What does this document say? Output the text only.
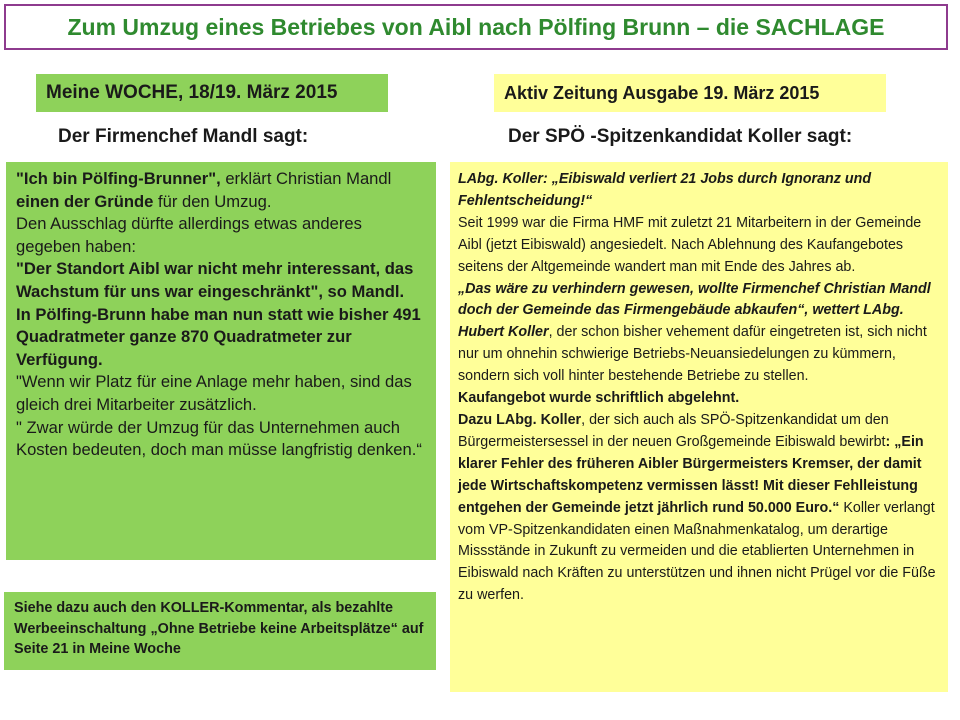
Zum Umzug eines Betriebes von Aibl nach Pölfing Brunn – die SACHLAGE
Meine WOCHE, 18/19. März 2015	Aktiv Zeitung Ausgabe 19. März 2015
Der Firmenchef Mandl sagt:	Der SPÖ -Spitzenkandidat Koller sagt:

"Ich bin Pölfing-Brunner", erklärt Christian Mandl einen der Gründe für den Umzug.

Den Ausschlag dürfte allerdings etwas anderes gegeben haben:

"Der Standort Aibl war nicht mehr interessant, das Wachstum für uns war eingeschränkt", so Mandl.

In Pölfing-Brunn habe man nun statt wie bisher 491 Quadratmeter ganze 870 Quadratmeter zur Verfügung.

"Wenn wir Platz für eine Anlage mehr haben, sind das gleich drei Mitarbeiter zusätzlich.

" Zwar würde der Umzug für das Unternehmen auch Kosten bedeuten, doch man müsse langfristig denken.“

Siehe dazu auch den KOLLER-Kommentar, als bezahlte Werbeeinschaltung „Ohne Betriebe keine Arbeitsplätze“ auf Seite 21 in Meine Woche

LAbg. Koller: „Eibiswald verliert 21 Jobs durch Ignoranz und Fehlentscheidung!“

Seit 1999 war die Firma HMF mit zuletzt 21 Mitarbeitern in der Gemeinde Aibl (jetzt Eibiswald) angesiedelt. Nach Ablehnung des Kaufangebotes seitens der Altgemeinde wandert man mit Ende des Jahres ab.

„Das wäre zu verhindern gewesen, wollte Firmenchef Christian Mandl doch der Gemeinde das Firmengebäude abkaufen“, wettert LAbg. Hubert Koller, der schon bisher vehement dafür eingetreten ist, sich nicht nur um ohnehin schwierige Betriebs-Neuansiedelungen zu kümmern, sondern sich voll hinter bestehende Betriebe zu stellen.

Kaufangebot wurde schriftlich abgelehnt.

Dazu LAbg. Koller, der sich auch als SPÖ-Spitzenkandidat um den Bürgermeistersessel in der neuen Großgemeinde Eibiswald bewirbt: „Ein klarer Fehler des früheren Aibler Bürgermeisters Kremser, der damit jede Wirtschaftskompetenz vermissen lässt! Mit dieser Fehlleistung entgehen der Gemeinde jetzt jährlich rund 50.000 Euro.“ Koller verlangt vom VP-Spitzenkandidaten einen Maßnahmenkatalog, um derartige Missstände in Zukunft zu vermeiden und die etablierten Unternehmen in Eibiswald nach Kräften zu unterstützen und ihnen nicht Prügel vor die Füße zu werfen.
